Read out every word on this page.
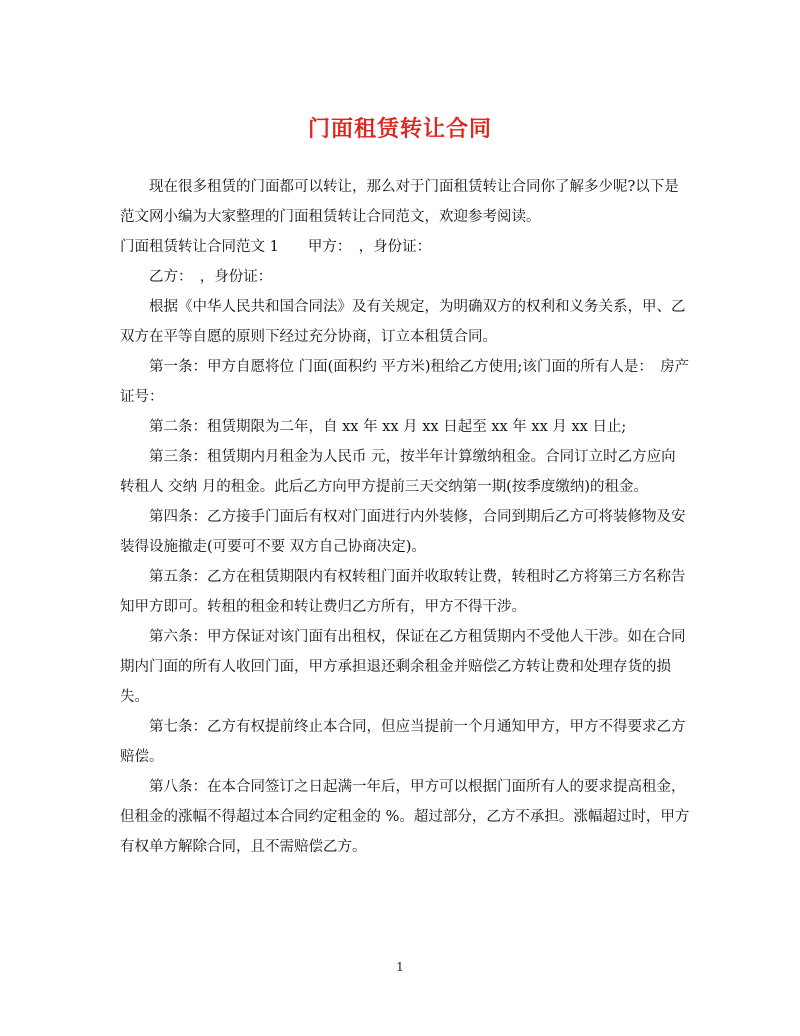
门面租赁转让合同

现在很多租赁的门面都可以转让，那么对于门面租赁转让合同你了解多少呢?以下是范文网小编为大家整理的门面租赁转让合同范文，欢迎参考阅读。

门面租赁转让合同范文 1　　甲方：　，身份证：

乙方：　，身份证：

根据《中华人民共和国合同法》及有关规定，为明确双方的权利和义务关系，甲、乙双方在平等自愿的原则下经过充分协商，订立本租赁合同。

第一条：甲方自愿将位 门面(面积约 平方米)租给乙方使用;该门面的所有人是：　房产证号：

第二条：租赁期限为二年，自 xx 年 xx 月 xx 日起至 xx 年 xx 月 xx 日止;

第三条：租赁期内月租金为人民币 元，按半年计算缴纳租金。合同订立时乙方应向转租人 交纳 月的租金。此后乙方向甲方提前三天交纳第一期(按季度缴纳)的租金。

第四条：乙方接手门面后有权对门面进行内外装修，合同到期后乙方可将装修物及安装得设施撤走(可要可不要 双方自己协商决定)。

第五条：乙方在租赁期限内有权转租门面并收取转让费，转租时乙方将第三方名称告知甲方即可。转租的租金和转让费归乙方所有，甲方不得干涉。

第六条：甲方保证对该门面有出租权，保证在乙方租赁期内不受他人干涉。如在合同期内门面的所有人收回门面，甲方承担退还剩余租金并赔偿乙方转让费和处理存货的损失。

第七条：乙方有权提前终止本合同，但应当提前一个月通知甲方，甲方不得要求乙方赔偿。

第八条：在本合同签订之日起满一年后，甲方可以根据门面所有人的要求提高租金，但租金的涨幅不得超过本合同约定租金的 %。超过部分，乙方不承担。涨幅超过时，甲方有权单方解除合同，且不需赔偿乙方。

1
